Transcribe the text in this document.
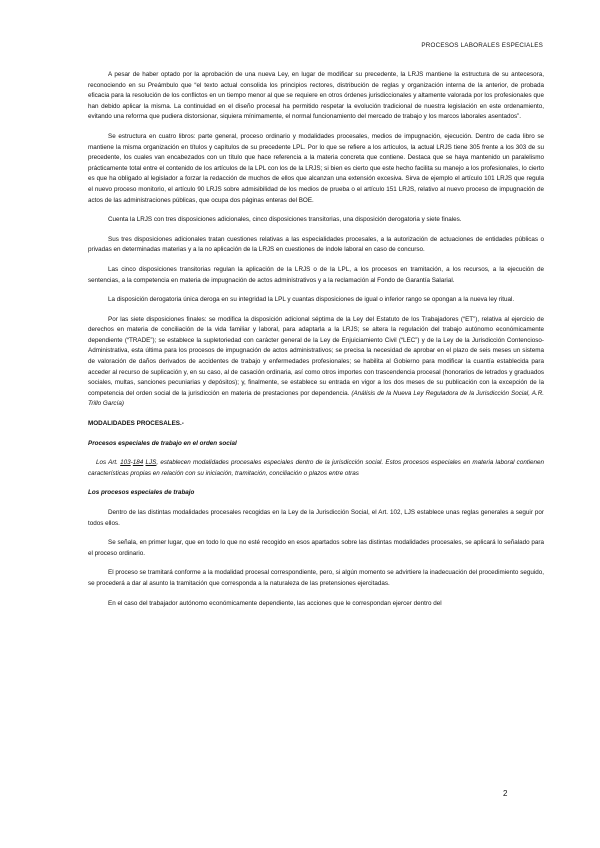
PROCESOS LABORALES ESPECIALES

A pesar de haber optado por la aprobación de una nueva Ley, en lugar de modificar su precedente, la LRJS mantiene la estructura de su antecesora, reconociendo en su Preámbulo que “el texto actual consolida los principios rectores, distribución de reglas y organización interna de la anterior, de probada eficacia para la resolución de los conflictos en un tiempo menor al que se requiere en otros órdenes jurisdiccionales y altamente valorada por los profesionales que han debido aplicar la misma. La continuidad en el diseño procesal ha permitido respetar la evolución tradicional de nuestra legislación en este ordenamiento, evitando una reforma que pudiera distorsionar, siquiera mínimamente, el normal funcionamiento del mercado de trabajo y los marcos laborales asentados”.

Se estructura en cuatro libros: parte general, proceso ordinario y modalidades procesales, medios de impugnación, ejecución. Dentro de cada libro se mantiene la misma organización en títulos y capítulos de su precedente LPL. Por lo que se refiere a los artículos, la actual LRJS tiene 305 frente a los 303 de su precedente, los cuales van encabezados con un título que hace referencia a la materia concreta que contiene. Destaca que se haya mantenido un paralelismo prácticamente total entre el contenido de los artículos de la LPL con los de la LRJS; si bien es cierto que este hecho facilita su manejo a los profesionales, lo cierto es que ha obligado al legislador a forzar la redacción de muchos de ellos que alcanzan una extensión excesiva. Sirva de ejemplo el artículo 101 LRJS que regula el nuevo proceso monitorio, el artículo 90 LRJS sobre admisibilidad de los medios de prueba o el artículo 151 LRJS, relativo al nuevo proceso de impugnación de actos de las administraciones públicas, que ocupa dos páginas enteras del BOE.

Cuenta la LRJS con tres disposiciones adicionales, cinco disposiciones transitorias, una disposición derogatoria y siete finales.

Sus tres disposiciones adicionales tratan cuestiones relativas a las especialidades procesales, a la autorización de actuaciones de entidades públicas o privadas en determinadas materias y a la no aplicación de la LRJS en cuestiones de índole laboral en caso de concurso.

Las cinco disposiciones transitorias regulan la aplicación de la LRJS o de la LPL, a los procesos en tramitación, a los recursos, a la ejecución de sentencias, a la competencia en materia de impugnación de actos administrativos y a la reclamación al Fondo de Garantía Salarial.

La disposición derogatoria única deroga en su integridad la LPL y cuantas disposiciones de igual o inferior rango se opongan a la nueva ley ritual.

Por las siete disposiciones finales: se modifica la disposición adicional séptima de la Ley del Estatuto de los Trabajadores (“ET”), relativa al ejercicio de derechos en materia de conciliación de la vida familiar y laboral, para adaptarla a la LRJS; se altera la regulación del trabajo autónomo económicamente dependiente (“TRADE”); se establece la supletoriedad con carácter general de la Ley de Enjuiciamiento Civil (“LEC”) y de la Ley de la Jurisdicción Contencioso-Administrativa, esta última para los procesos de impugnación de actos administrativos; se precisa la necesidad de aprobar en el plazo de seis meses un sistema de valoración de daños derivados de accidentes de trabajo y enfermedades profesionales; se habilita al Gobierno para modificar la cuantía establecida para acceder al recurso de suplicación y, en su caso, al de casación ordinaria, así como otros importes con trascendencia procesal (honorarios de letrados y graduados sociales, multas, sanciones pecuniarias y depósitos); y, finalmente, se establece su entrada en vigor a los dos meses de su publicación con la excepción de la competencia del orden social de la jurisdicción en materia de prestaciones por dependencia. (Análisis de la Nueva Ley Reguladora de la Jurisdicción Social, A.R. Trillo García)

MODALIDADES PROCESALES.-

Procesos especiales de trabajo en el orden social

Los Art. 103-184 LJS, establecen modalidades procesales especiales dentro de la jurisdicción social. Estos procesos especiales en materia laboral contienen características propias en relación con su iniciación, tramitación, conciliación o plazos entre otras

Los procesos especiales de trabajo

Dentro de las distintas modalidades procesales recogidas en la Ley de la Jurisdicción Social, el Art. 102, LJS establece unas reglas generales a seguir por todos ellos.

Se señala, en primer lugar, que en todo lo que no esté recogido en esos apartados sobre las distintas modalidades procesales, se aplicará lo señalado para el proceso ordinario.

El proceso se tramitará conforme a la modalidad procesal correspondiente, pero, si algún momento se advirtiere la inadecuación del procedimiento seguido, se procederá a dar al asunto la tramitación que corresponda a la naturaleza de las pretensiones ejercitadas.

En el caso del trabajador autónomo económicamente dependiente, las acciones que le correspondan ejercer dentro del

2
